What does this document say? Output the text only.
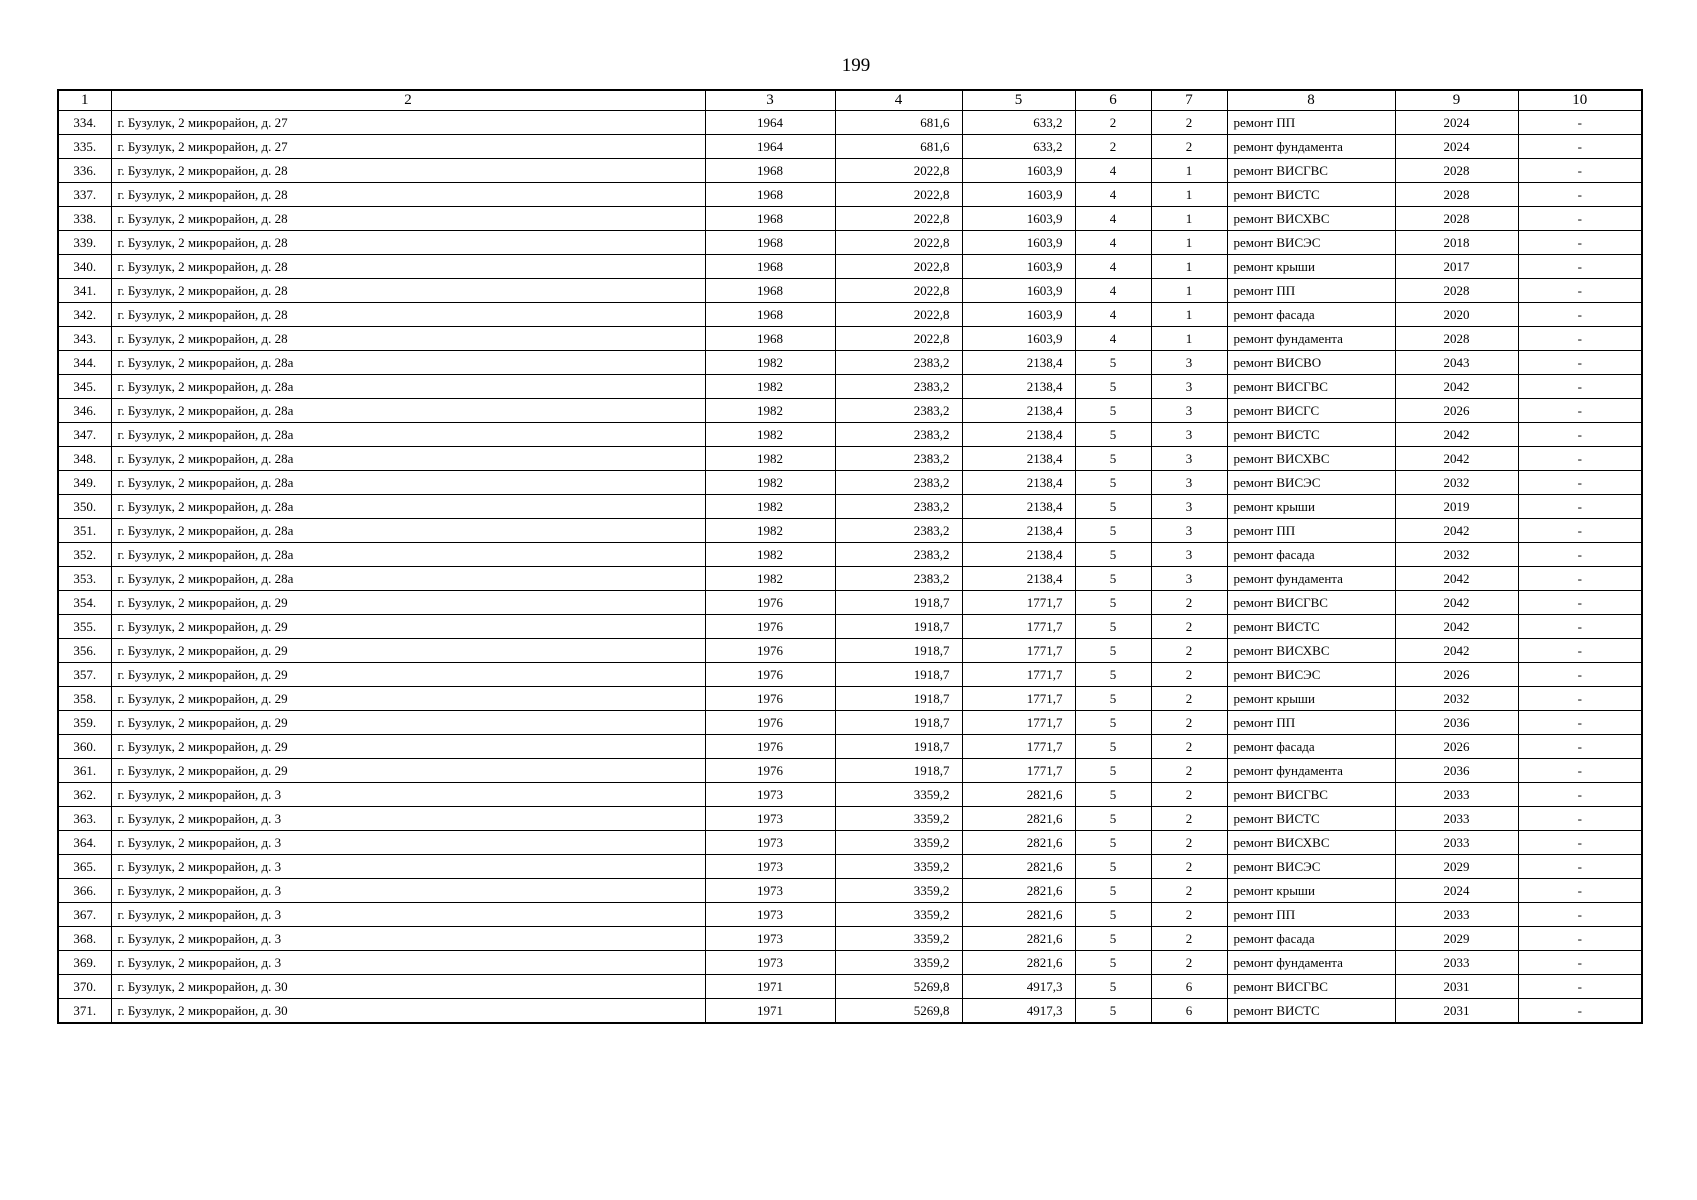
199
1	2	3	4	5	6	7	8	9	10
334.	г. Бузулук, 2 микрорайон, д. 27	1964	681,6	633,2	2	2	ремонт ПП	2024	-
335.	г. Бузулук, 2 микрорайон, д. 27	1964	681,6	633,2	2	2	ремонт фундамента	2024	-
336.	г. Бузулук, 2 микрорайон, д. 28	1968	2022,8	1603,9	4	1	ремонт ВИСГВС	2028	-
337.	г. Бузулук, 2 микрорайон, д. 28	1968	2022,8	1603,9	4	1	ремонт ВИСТС	2028	-
338.	г. Бузулук, 2 микрорайон, д. 28	1968	2022,8	1603,9	4	1	ремонт ВИСХВС	2028	-
339.	г. Бузулук, 2 микрорайон, д. 28	1968	2022,8	1603,9	4	1	ремонт ВИСЭС	2018	-
340.	г. Бузулук, 2 микрорайон, д. 28	1968	2022,8	1603,9	4	1	ремонт крыши	2017	-
341.	г. Бузулук, 2 микрорайон, д. 28	1968	2022,8	1603,9	4	1	ремонт ПП	2028	-
342.	г. Бузулук, 2 микрорайон, д. 28	1968	2022,8	1603,9	4	1	ремонт фасада	2020	-
343.	г. Бузулук, 2 микрорайон, д. 28	1968	2022,8	1603,9	4	1	ремонт фундамента	2028	-
344.	г. Бузулук, 2 микрорайон, д. 28а	1982	2383,2	2138,4	5	3	ремонт ВИСВО	2043	-
345.	г. Бузулук, 2 микрорайон, д. 28а	1982	2383,2	2138,4	5	3	ремонт ВИСГВС	2042	-
346.	г. Бузулук, 2 микрорайон, д. 28а	1982	2383,2	2138,4	5	3	ремонт ВИСГС	2026	-
347.	г. Бузулук, 2 микрорайон, д. 28а	1982	2383,2	2138,4	5	3	ремонт ВИСТС	2042	-
348.	г. Бузулук, 2 микрорайон, д. 28а	1982	2383,2	2138,4	5	3	ремонт ВИСХВС	2042	-
349.	г. Бузулук, 2 микрорайон, д. 28а	1982	2383,2	2138,4	5	3	ремонт ВИСЭС	2032	-
350.	г. Бузулук, 2 микрорайон, д. 28а	1982	2383,2	2138,4	5	3	ремонт крыши	2019	-
351.	г. Бузулук, 2 микрорайон, д. 28а	1982	2383,2	2138,4	5	3	ремонт ПП	2042	-
352.	г. Бузулук, 2 микрорайон, д. 28а	1982	2383,2	2138,4	5	3	ремонт фасада	2032	-
353.	г. Бузулук, 2 микрорайон, д. 28а	1982	2383,2	2138,4	5	3	ремонт фундамента	2042	-
354.	г. Бузулук, 2 микрорайон, д. 29	1976	1918,7	1771,7	5	2	ремонт ВИСГВС	2042	-
355.	г. Бузулук, 2 микрорайон, д. 29	1976	1918,7	1771,7	5	2	ремонт ВИСТС	2042	-
356.	г. Бузулук, 2 микрорайон, д. 29	1976	1918,7	1771,7	5	2	ремонт ВИСХВС	2042	-
357.	г. Бузулук, 2 микрорайон, д. 29	1976	1918,7	1771,7	5	2	ремонт ВИСЭС	2026	-
358.	г. Бузулук, 2 микрорайон, д. 29	1976	1918,7	1771,7	5	2	ремонт крыши	2032	-
359.	г. Бузулук, 2 микрорайон, д. 29	1976	1918,7	1771,7	5	2	ремонт ПП	2036	-
360.	г. Бузулук, 2 микрорайон, д. 29	1976	1918,7	1771,7	5	2	ремонт фасада	2026	-
361.	г. Бузулук, 2 микрорайон, д. 29	1976	1918,7	1771,7	5	2	ремонт фундамента	2036	-
362.	г. Бузулук, 2 микрорайон, д. 3	1973	3359,2	2821,6	5	2	ремонт ВИСГВС	2033	-
363.	г. Бузулук, 2 микрорайон, д. 3	1973	3359,2	2821,6	5	2	ремонт ВИСТС	2033	-
364.	г. Бузулук, 2 микрорайон, д. 3	1973	3359,2	2821,6	5	2	ремонт ВИСХВС	2033	-
365.	г. Бузулук, 2 микрорайон, д. 3	1973	3359,2	2821,6	5	2	ремонт ВИСЭС	2029	-
366.	г. Бузулук, 2 микрорайон, д. 3	1973	3359,2	2821,6	5	2	ремонт крыши	2024	-
367.	г. Бузулук, 2 микрорайон, д. 3	1973	3359,2	2821,6	5	2	ремонт ПП	2033	-
368.	г. Бузулук, 2 микрорайон, д. 3	1973	3359,2	2821,6	5	2	ремонт фасада	2029	-
369.	г. Бузулук, 2 микрорайон, д. 3	1973	3359,2	2821,6	5	2	ремонт фундамента	2033	-
370.	г. Бузулук, 2 микрорайон, д. 30	1971	5269,8	4917,3	5	6	ремонт ВИСГВС	2031	-
371.	г. Бузулук, 2 микрорайон, д. 30	1971	5269,8	4917,3	5	6	ремонт ВИСТС	2031	-
